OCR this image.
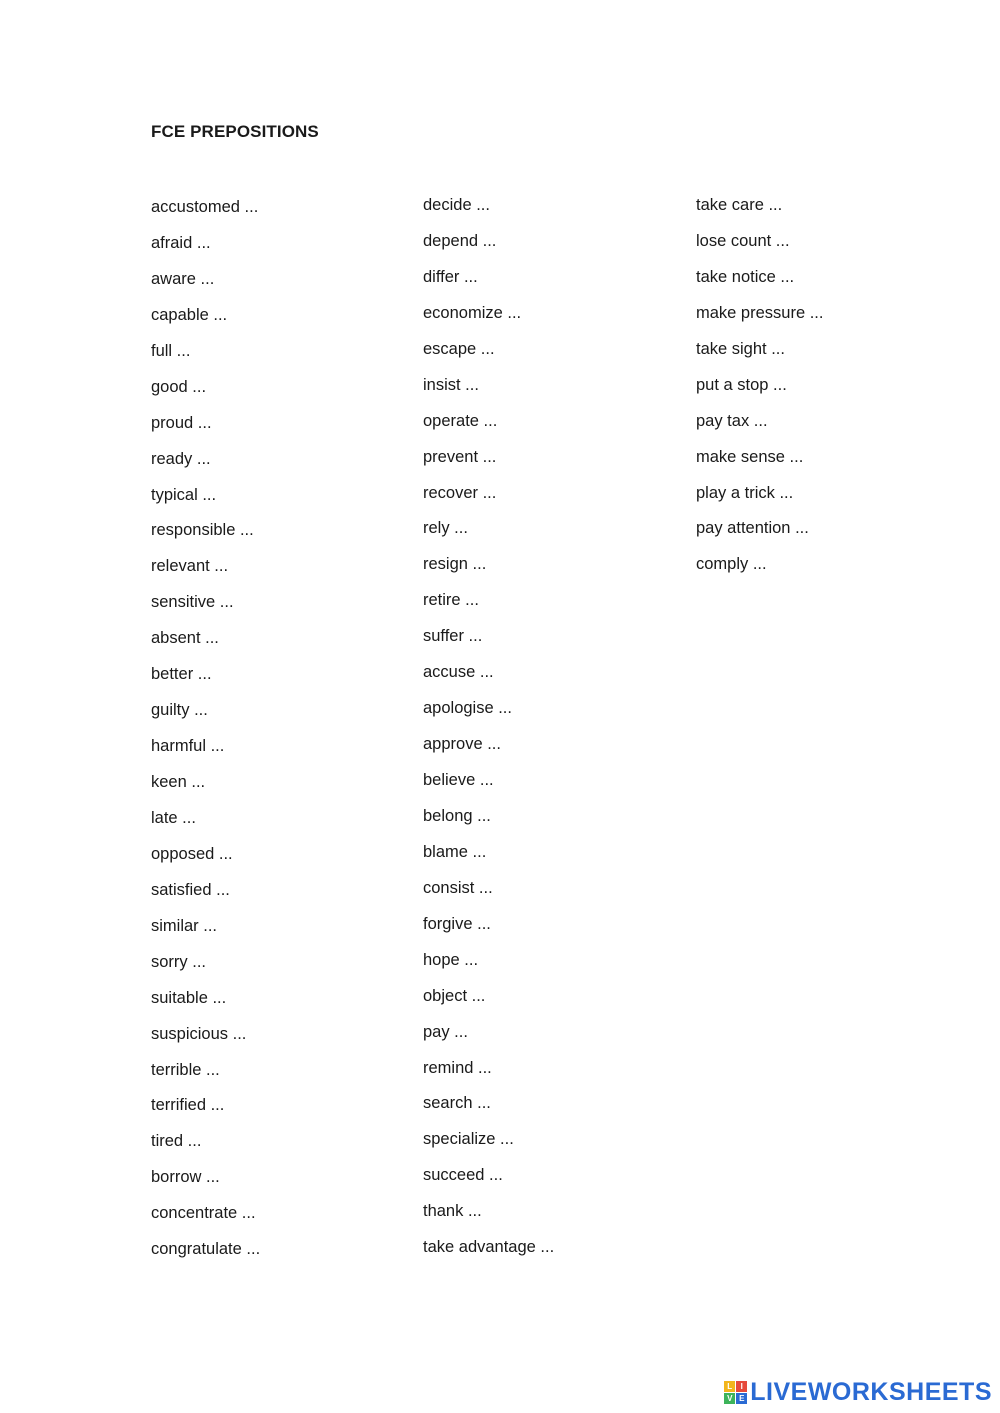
FCE PREPOSITIONS
accustomed ...
afraid ...
aware ...
capable ...
full ...
good ...
proud ...
ready ...
typical ...
responsible ...
relevant ...
sensitive ...
absent ...
better ...
guilty ...
harmful ...
keen ...
late ...
opposed ...
satisfied ...
similar ...
sorry ...
suitable ...
suspicious ...
terrible ...
terrified ...
tired ...
borrow ...
concentrate ...
congratulate ...
decide ...
depend ...
differ ...
economize ...
escape ...
insist ...
operate ...
prevent ...
recover ...
rely ...
resign ...
retire ...
suffer ...
accuse ...
apologise ...
approve ...
believe ...
belong ...
blame ...
consist ...
forgive ...
hope ...
object ...
pay ...
remind ...
search ...
specialize ...
succeed ...
thank ...
take advantage ...
take care ...
lose count ...
take notice ...
make pressure ...
take sight ...
put a stop ...
pay tax ...
make sense ...
play a trick ...
pay attention ...
comply ...
L	I
V E LIVEWORKSHEETS
